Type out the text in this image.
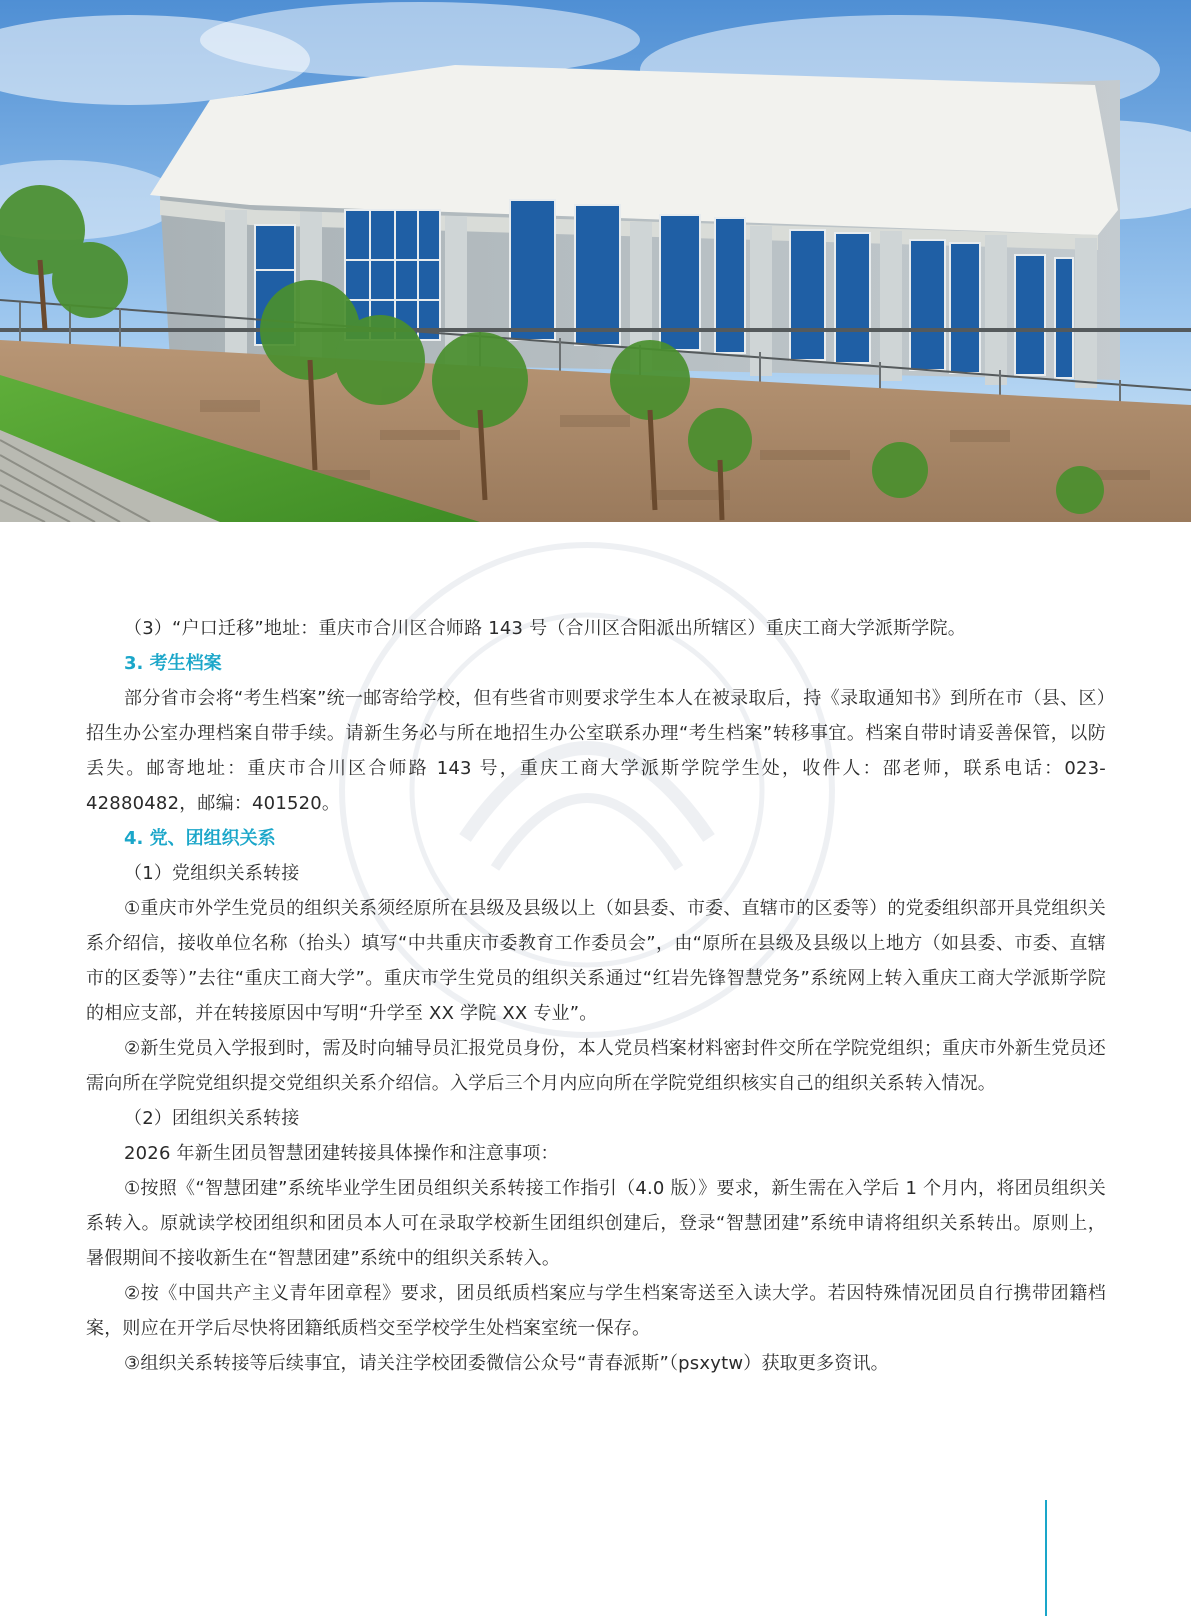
（3）“户口迁移”地址：重庆市合川区合师路 143 号（合川区合阳派出所辖区）重庆工商大学派斯学院。

3. 考生档案

部分省市会将“考生档案”统一邮寄给学校，但有些省市则要求学生本人在被录取后，持《录取通知书》到所在市（县、区）招生办公室办理档案自带手续。请新生务必与所在地招生办公室联系办理“考生档案”转移事宜。档案自带时请妥善保管，以防丢失。邮寄地址：重庆市合川区合师路 143 号，重庆工商大学派斯学院学生处，收件人：邵老师，联系电话：023-42880482，邮编：401520。

4. 党、团组织关系

（1）党组织关系转接

①重庆市外学生党员的组织关系须经原所在县级及县级以上（如县委、市委、直辖市的区委等）的党委组织部开具党组织关系介绍信，接收单位名称（抬头）填写“中共重庆市委教育工作委员会”，由“原所在县级及县级以上地方（如县委、市委、直辖市的区委等）”去往“重庆工商大学”。重庆市学生党员的组织关系通过“红岩先锋智慧党务”系统网上转入重庆工商大学派斯学院的相应支部，并在转接原因中写明“升学至 XX 学院 XX 专业”。

②新生党员入学报到时，需及时向辅导员汇报党员身份，本人党员档案材料密封件交所在学院党组织；重庆市外新生党员还需向所在学院党组织提交党组织关系介绍信。入学后三个月内应向所在学院党组织核实自己的组织关系转入情况。

（2）团组织关系转接

2026 年新生团员智慧团建转接具体操作和注意事项：

①按照《“智慧团建”系统毕业学生团员组织关系转接工作指引（4.0 版）》要求，新生需在入学后 1 个月内，将团员组织关系转入。原就读学校团组织和团员本人可在录取学校新生团组织创建后，登录“智慧团建”系统申请将组织关系转出。原则上，暑假期间不接收新生在“智慧团建”系统中的组织关系转入。

②按《中国共产主义青年团章程》要求，团员纸质档案应与学生档案寄送至入读大学。若因特殊情况团员自行携带团籍档案，则应在开学后尽快将团籍纸质档交至学校学生处档案室统一保存。

③组织关系转接等后续事宜，请关注学校团委微信公众号“青春派斯”（psxytw）获取更多资讯。
